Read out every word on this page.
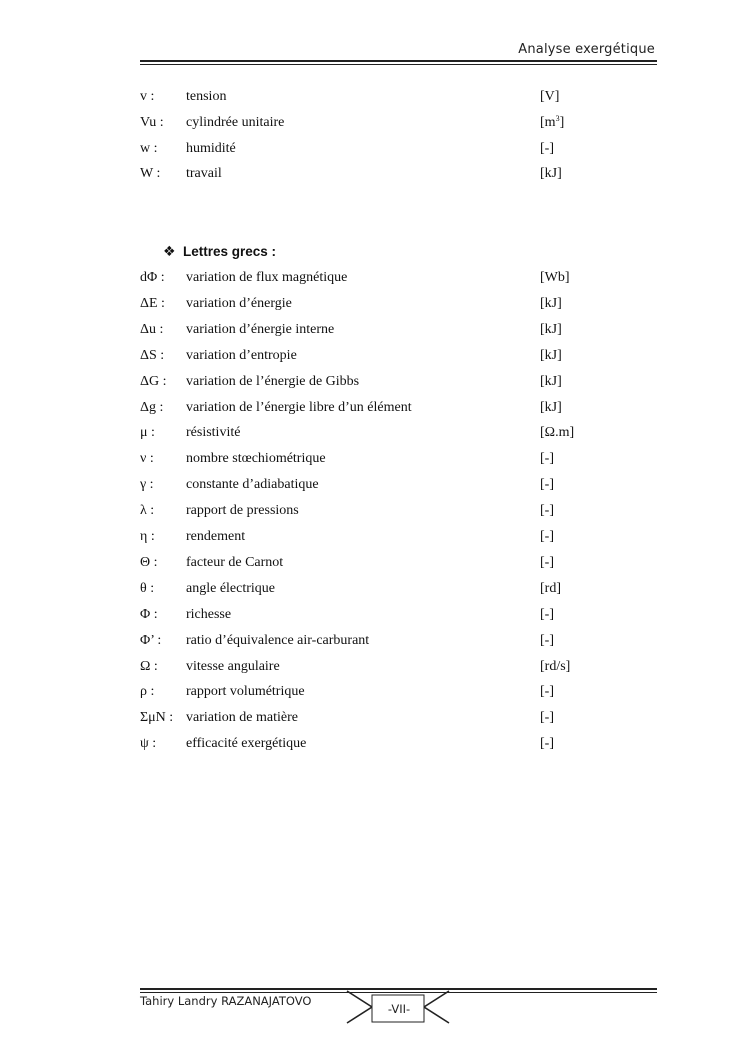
Analyse exergétique
v : tension	[V]
Vu : cylindrée unitaire	$[m^3]$
w : humidité	[-]
W : travail	[kJ]
❖ Lettres grecs :
dΦ : variation de flux magnétique	[Wb]
ΔE : variation d’énergie	[kJ]
Δu : variation d’énergie interne	[kJ]
ΔS : variation d’entropie	[kJ]
ΔG : variation de l’énergie de Gibbs	[kJ]
Δg : variation de l’énergie libre d’un élément	[kJ]
μ : résistivité	[Ω.m]
ν : nombre stœchiométrique	[-]
γ : constante d’adiabatique	[-]
λ : rapport de pressions	[-]
η : rendement	[-]
Θ : facteur de Carnot	[-]
θ : angle électrique	[rd]
Φ : richesse	[-]
Φ’ : ratio d’équivalence air-carburant	[-]
Ω : vitesse angulaire	[rd/s]
ρ : rapport volumétrique	[-]
ΣμN : variation de matière	[-]
ψ : efficacité exergétique	[-]
Tahiry Landry RAZANAJATOVO
-VII-
